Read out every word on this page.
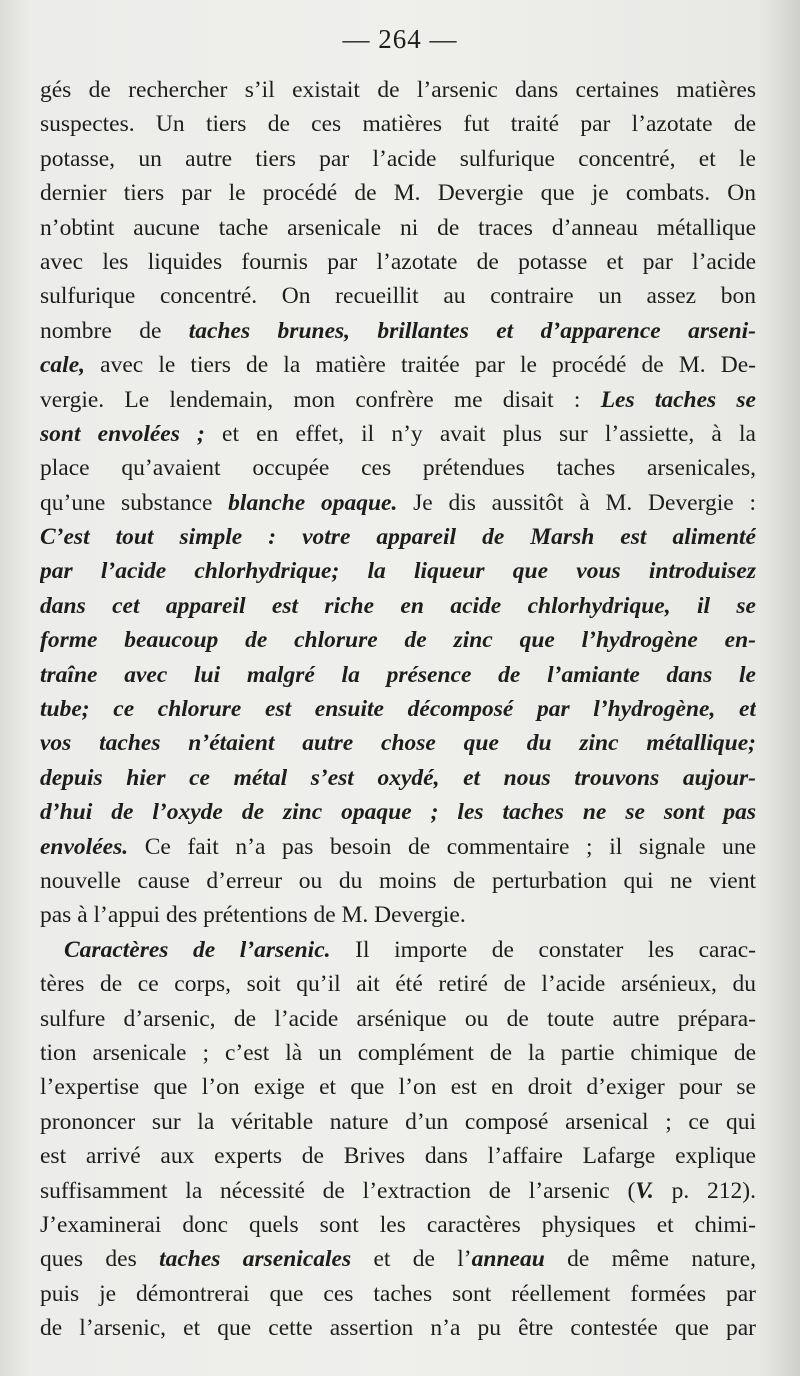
— 264 —
gés de rechercher s’il existait de l’arsenic dans certaines matières
suspectes. Un tiers de ces matières fut traité par l’azotate de
potasse, un autre tiers par l’acide sulfurique concentré, et le
dernier tiers par le procédé de M. Devergie que je combats. On
n’obtint aucune tache arsenicale ni de traces d’anneau métallique
avec les liquides fournis par l’azotate de potasse et par l’acide
sulfurique concentré. On recueillit au contraire un assez bon
nombre de taches brunes, brillantes et d’apparence arseni-
cale, avec le tiers de la matière traitée par le procédé de M. De-
vergie. Le lendemain, mon confrère me disait : Les taches se
sont envolées ; et en effet, il n’y avait plus sur l’assiette, à la
place qu’avaient occupée ces prétendues taches arsenicales,
qu’une substance blanche opaque. Je dis aussitôt à M. Devergie :
C’est tout simple : votre appareil de Marsh est alimenté
par l’acide chlorhydrique; la liqueur que vous introduisez
dans cet appareil est riche en acide chlorhydrique, il se
forme beaucoup de chlorure de zinc que l’hydrogène en-
traîne avec lui malgré la présence de l’amiante dans le
tube; ce chlorure est ensuite décomposé par l’hydrogène, et
vos taches n’étaient autre chose que du zinc métallique;
depuis hier ce métal s’est oxydé, et nous trouvons aujour-
d’hui de l’oxyde de zinc opaque ; les taches ne se sont pas
envolées. Ce fait n’a pas besoin de commentaire ; il signale une
nouvelle cause d’erreur ou du moins de perturbation qui ne vient
pas à l’appui des prétentions de M. Devergie.
Caractères de l’arsenic. Il importe de constater les carac-
tères de ce corps, soit qu’il ait été retiré de l’acide arsénieux, du
sulfure d’arsenic, de l’acide arsénique ou de toute autre prépara-
tion arsenicale ; c’est là un complément de la partie chimique de
l’expertise que l’on exige et que l’on est en droit d’exiger pour se
prononcer sur la véritable nature d’un composé arsenical ; ce qui
est arrivé aux experts de Brives dans l’affaire Lafarge explique
suffisamment la nécessité de l’extraction de l’arsenic (V. p. 212).
J’examinerai donc quels sont les caractères physiques et chimi-
ques des taches arsenicales et de l’anneau de même nature,
puis je démontrerai que ces taches sont réellement formées par
de l’arsenic, et que cette assertion n’a pu être contestée que par
